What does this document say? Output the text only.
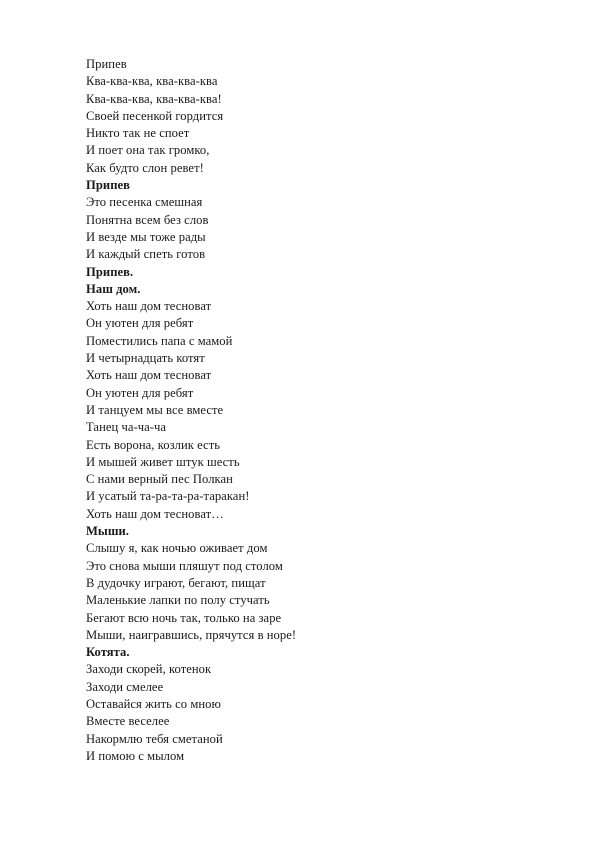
Припев
Ква-ква-ква, ква-ква-ква
Ква-ква-ква, ква-ква-ква!
Своей песенкой гордится
Никто так не споет
И поет она так громко,
Как будто слон ревет!
Припев
Это песенка смешная
Понятна всем без слов
И везде мы тоже рады
И каждый спеть готов
Припев.
Наш дом.
Хоть наш дом тесноват
Он уютен для ребят
Поместились папа с мамой
И четырнадцать котят
Хоть наш дом тесноват
Он уютен для ребят
И танцуем мы все вместе
Танец ча-ча-ча
Есть ворона, козлик есть
И мышей живет штук шесть
С нами верный пес Полкан
И усатый та-ра-та-ра-таракан!
Хоть наш дом тесноват…
Мыши.
Слышу я, как ночью оживает дом
Это снова мыши пляшут под столом
В дудочку играют, бегают, пищат
Маленькие лапки по полу стучать
Бегают всю ночь так, только на заре
Мыши, наигравшись, прячутся в норе!
Котята.
Заходи скорей, котенок
Заходи смелее
Оставайся жить со мною
Вместе веселее
Накормлю тебя сметаной
И помою с мылом
